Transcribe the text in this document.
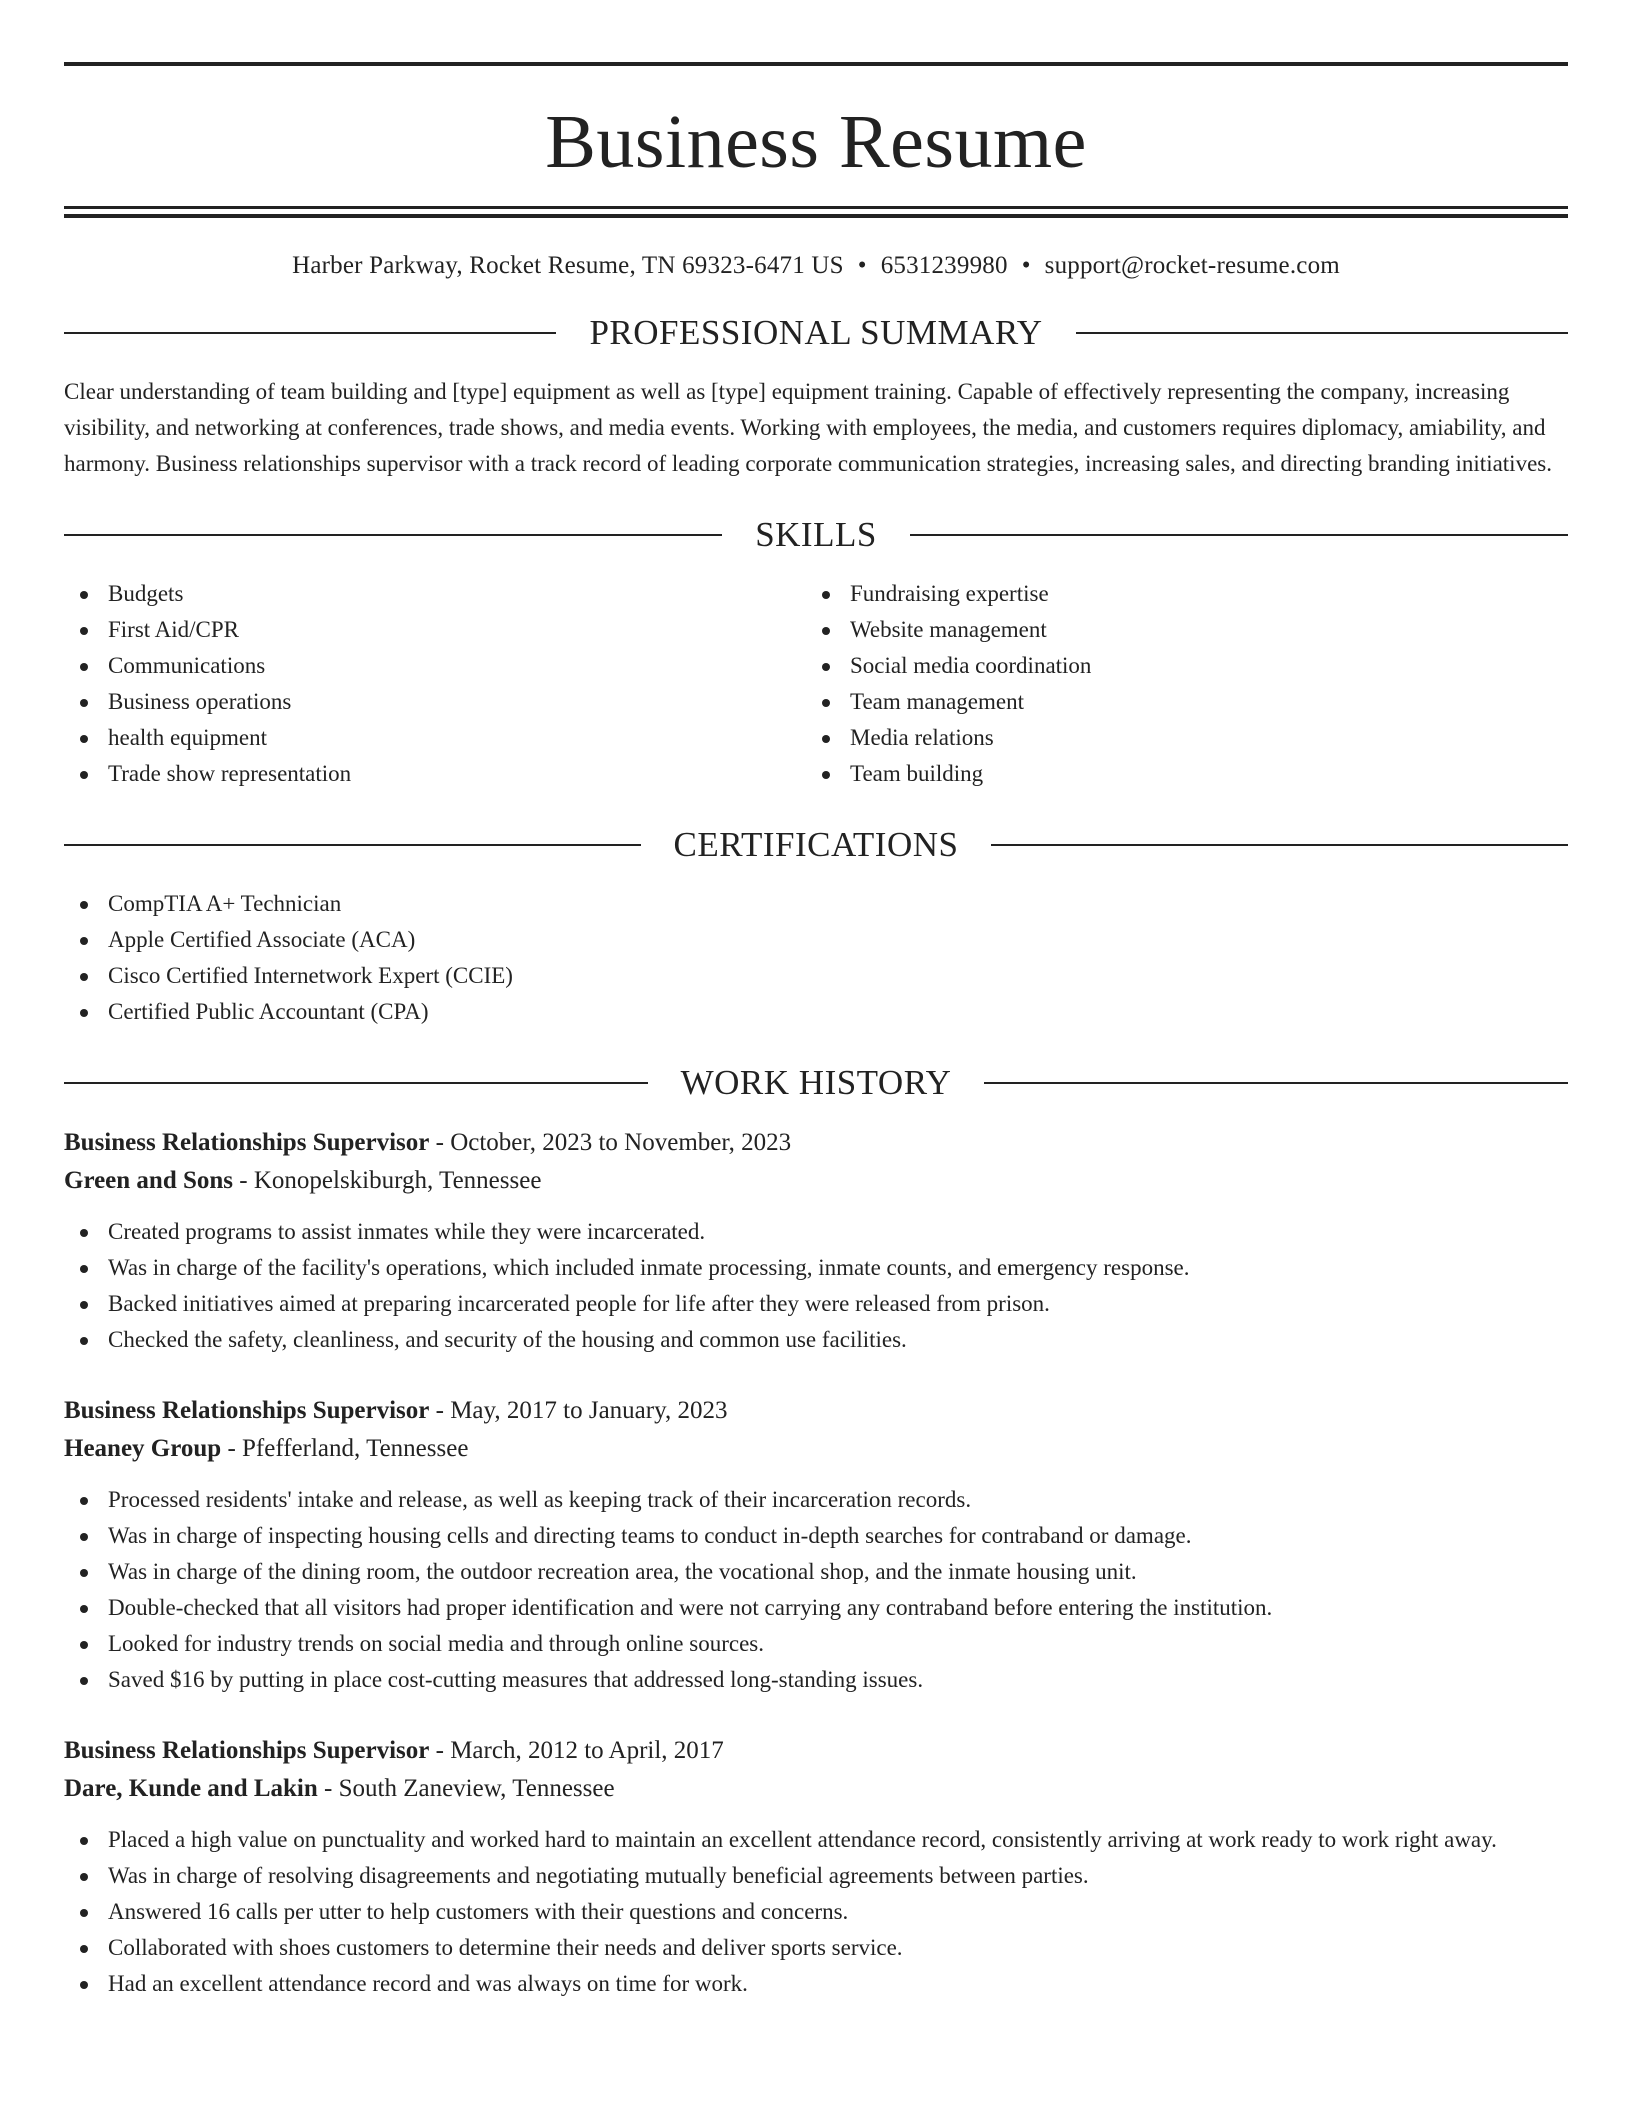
Business Resume
Harber Parkway, Rocket Resume, TN 69323-6471 US • 6531239980 • support@rocket-resume.com
PROFESSIONAL SUMMARY
Clear understanding of team building and [type] equipment as well as [type] equipment training. Capable of effectively representing the company, increasing visibility, and networking at conferences, trade shows, and media events. Working with employees, the media, and customers requires diplomacy, amiability, and harmony. Business relationships supervisor with a track record of leading corporate communication strategies, increasing sales, and directing branding initiatives.
SKILLS
Budgets
First Aid/CPR
Communications
Business operations
health equipment
Trade show representation
Fundraising expertise
Website management
Social media coordination
Team management
Media relations
Team building
CERTIFICATIONS
CompTIA A+ Technician
Apple Certified Associate (ACA)
Cisco Certified Internetwork Expert (CCIE)
Certified Public Accountant (CPA)
WORK HISTORY
Business Relationships Supervisor - October, 2023 to November, 2023
Green and Sons - Konopelskiburgh, Tennessee
Created programs to assist inmates while they were incarcerated.
Was in charge of the facility's operations, which included inmate processing, inmate counts, and emergency response.
Backed initiatives aimed at preparing incarcerated people for life after they were released from prison.
Checked the safety, cleanliness, and security of the housing and common use facilities.
Business Relationships Supervisor - May, 2017 to January, 2023
Heaney Group - Pfefferland, Tennessee
Processed residents' intake and release, as well as keeping track of their incarceration records.
Was in charge of inspecting housing cells and directing teams to conduct in-depth searches for contraband or damage.
Was in charge of the dining room, the outdoor recreation area, the vocational shop, and the inmate housing unit.
Double-checked that all visitors had proper identification and were not carrying any contraband before entering the institution.
Looked for industry trends on social media and through online sources.
Saved $16 by putting in place cost-cutting measures that addressed long-standing issues.
Business Relationships Supervisor - March, 2012 to April, 2017
Dare, Kunde and Lakin - South Zaneview, Tennessee
Placed a high value on punctuality and worked hard to maintain an excellent attendance record, consistently arriving at work ready to work right away.
Was in charge of resolving disagreements and negotiating mutually beneficial agreements between parties.
Answered 16 calls per utter to help customers with their questions and concerns.
Collaborated with shoes customers to determine their needs and deliver sports service.
Had an excellent attendance record and was always on time for work.
